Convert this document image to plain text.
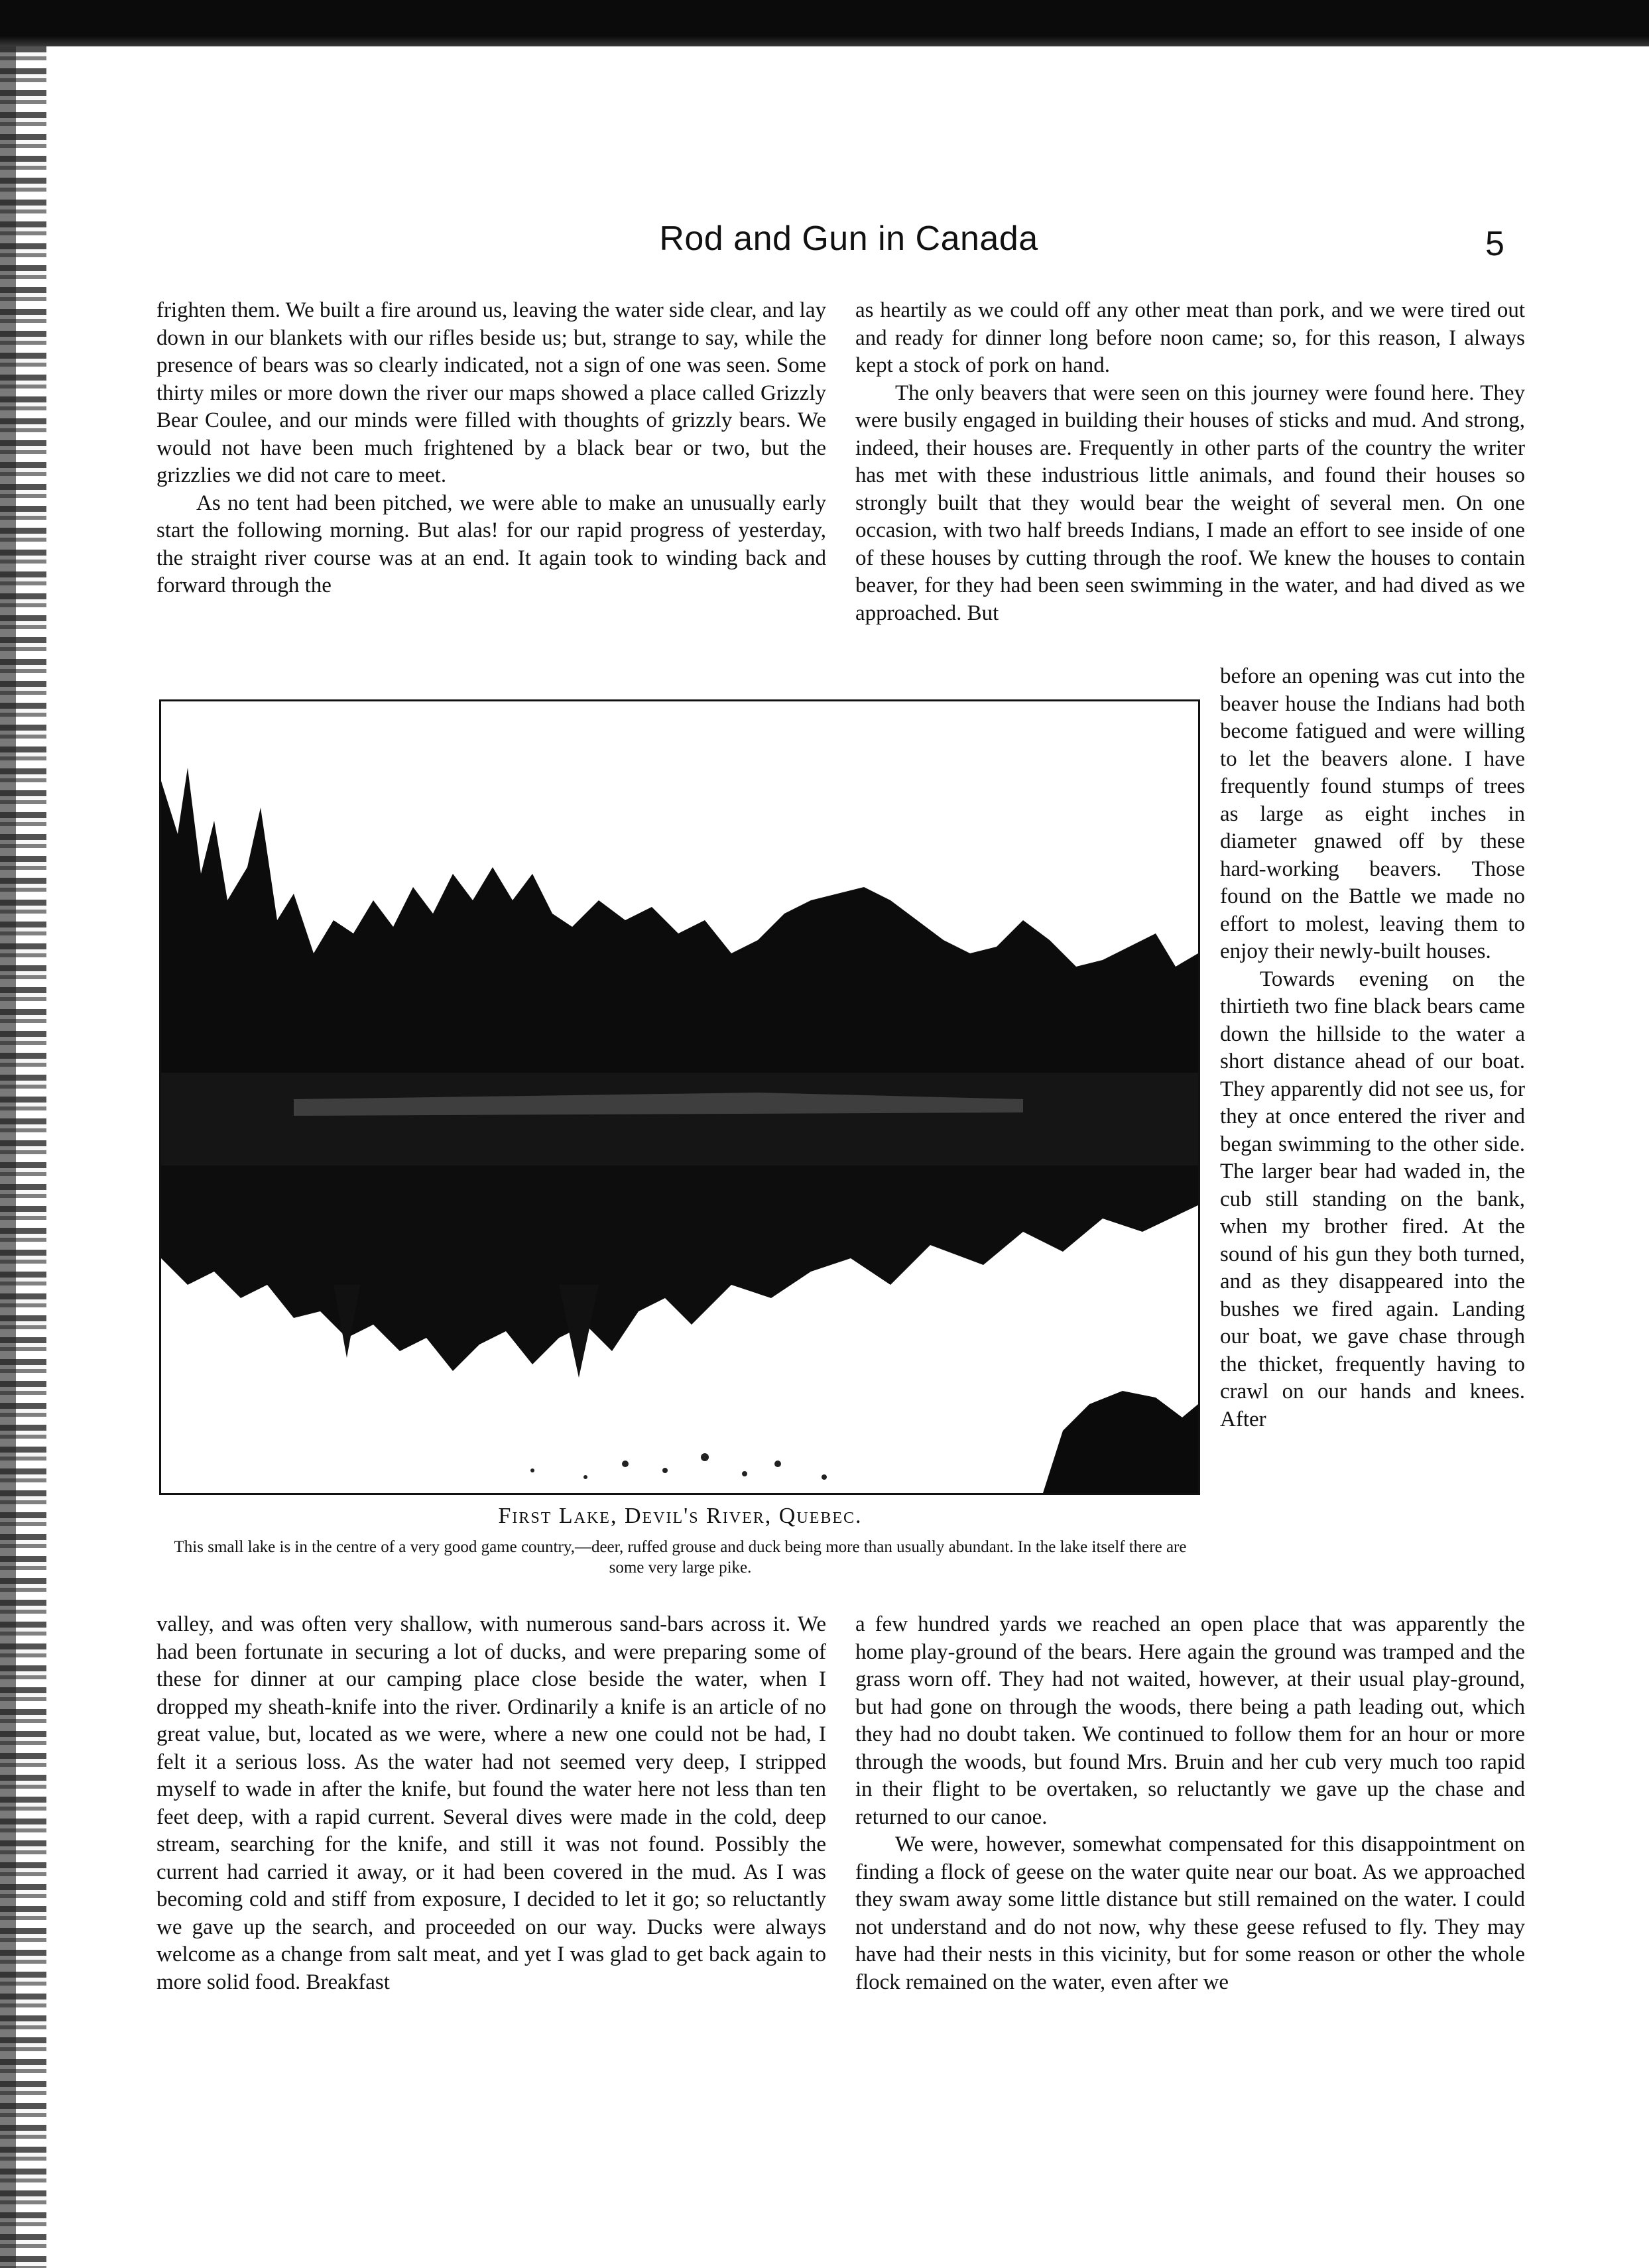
Rod and Gun in Canada	5

frighten them. We built a fire around us, leaving the water side clear, and lay down in our blankets with our rifles beside us; but, strange to say, while the presence of bears was so clearly indicated, not a sign of one was seen. Some thirty miles or more down the river our maps showed a place called Grizzly Bear Coulee, and our minds were filled with thoughts of grizzly bears. We would not have been much frightened by a black bear or two, but the grizzlies we did not care to meet.

As no tent had been pitched, we were able to make an unusually early start the following morning. But alas! for our rapid progress of yesterday, the straight river course was at an end. It again took to winding back and forward through the

as heartily as we could off any other meat than pork, and we were tired out and ready for dinner long before noon came; so, for this reason, I always kept a stock of pork on hand.

The only beavers that were seen on this journey were found here. They were busily engaged in building their houses of sticks and mud. And strong, indeed, their houses are. Frequently in other parts of the country the writer has met with these industrious little animals, and found their houses so strongly built that they would bear the weight of several men. On one occasion, with two half breeds Indians, I made an effort to see inside of one of these houses by cutting through the roof. We knew the houses to contain beaver, for they had been seen swimming in the water, and had dived as we approached. But

First Lake, Devil's River, Quebec.
This small lake is in the centre of a very good game country,—deer, ruffed grouse and duck being more than usually abundant. In the lake itself there are some very large pike.

before an opening was cut into the beaver house the Indians had both become fatigued and were willing to let the beavers alone. I have frequently found stumps of trees as large as eight inches in diameter gnawed off by these hard-working beavers. Those found on the Battle we made no effort to molest, leaving them to enjoy their newly-built houses.

Towards evening on the thirtieth two fine black bears came down the hillside to the water a short distance ahead of our boat. They apparently did not see us, for they at once entered the river and began swimming to the other side. The larger bear had waded in, the cub still standing on the bank, when my brother fired. At the sound of his gun they both turned, and as they disappeared into the bushes we fired again. Landing our boat, we gave chase through the thicket, frequently having to crawl on our hands and knees. After

valley, and was often very shallow, with numerous sand-bars across it. We had been fortunate in securing a lot of ducks, and were preparing some of these for dinner at our camping place close beside the water, when I dropped my sheath-knife into the river. Ordinarily a knife is an article of no great value, but, located as we were, where a new one could not be had, I felt it a serious loss. As the water had not seemed very deep, I stripped myself to wade in after the knife, but found the water here not less than ten feet deep, with a rapid current. Several dives were made in the cold, deep stream, searching for the knife, and still it was not found. Possibly the current had carried it away, or it had been covered in the mud. As I was becoming cold and stiff from exposure, I decided to let it go; so reluctantly we gave up the search, and proceeded on our way. Ducks were always welcome as a change from salt meat, and yet I was glad to get back again to more solid food. Breakfast

a few hundred yards we reached an open place that was apparently the home play-ground of the bears. Here again the ground was tramped and the grass worn off. They had not waited, however, at their usual play-ground, but had gone on through the woods, there being a path leading out, which they had no doubt taken. We continued to follow them for an hour or more through the woods, but found Mrs. Bruin and her cub very much too rapid in their flight to be overtaken, so reluctantly we gave up the chase and returned to our canoe.

We were, however, somewhat compensated for this disappointment on finding a flock of geese on the water quite near our boat. As we approached they swam away some little distance but still remained on the water. I could not understand and do not now, why these geese refused to fly. They may have had their nests in this vicinity, but for some reason or other the whole flock remained on the water, even after we
